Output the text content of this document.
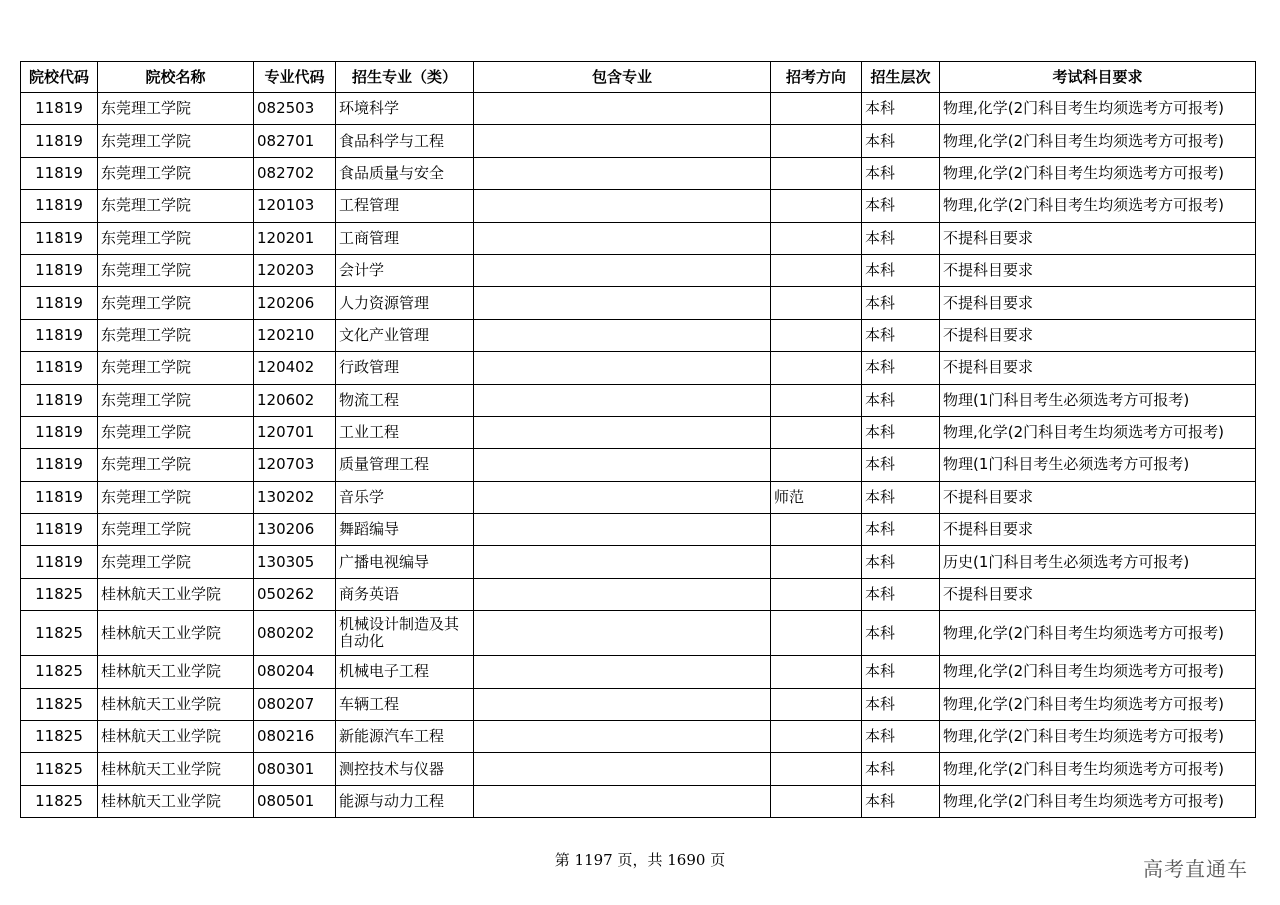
院校代码	院校名称	专业代码	招生专业（类）	包含专业	招考方向	招生层次	考试科目要求
11819	东莞理工学院	082503	环境科学			本科	物理,化学(2门科目考生均须选考方可报考)
11819	东莞理工学院	082701	食品科学与工程			本科	物理,化学(2门科目考生均须选考方可报考)
11819	东莞理工学院	082702	食品质量与安全			本科	物理,化学(2门科目考生均须选考方可报考)
11819	东莞理工学院	120103	工程管理			本科	物理,化学(2门科目考生均须选考方可报考)
11819	东莞理工学院	120201	工商管理			本科	不提科目要求
11819	东莞理工学院	120203	会计学			本科	不提科目要求
11819	东莞理工学院	120206	人力资源管理			本科	不提科目要求
11819	东莞理工学院	120210	文化产业管理			本科	不提科目要求
11819	东莞理工学院	120402	行政管理			本科	不提科目要求
11819	东莞理工学院	120602	物流工程			本科	物理(1门科目考生必须选考方可报考)
11819	东莞理工学院	120701	工业工程			本科	物理,化学(2门科目考生均须选考方可报考)
11819	东莞理工学院	120703	质量管理工程			本科	物理(1门科目考生必须选考方可报考)
11819	东莞理工学院	130202	音乐学		师范	本科	不提科目要求
11819	东莞理工学院	130206	舞蹈编导			本科	不提科目要求
11819	东莞理工学院	130305	广播电视编导			本科	历史(1门科目考生必须选考方可报考)
11825	桂林航天工业学院	050262	商务英语			本科	不提科目要求
11825	桂林航天工业学院	080202	机械设计制造及其自动化			本科	物理,化学(2门科目考生均须选考方可报考)
11825	桂林航天工业学院	080204	机械电子工程			本科	物理,化学(2门科目考生均须选考方可报考)
11825	桂林航天工业学院	080207	车辆工程			本科	物理,化学(2门科目考生均须选考方可报考)
11825	桂林航天工业学院	080216	新能源汽车工程			本科	物理,化学(2门科目考生均须选考方可报考)
11825	桂林航天工业学院	080301	测控技术与仪器			本科	物理,化学(2门科目考生均须选考方可报考)
11825	桂林航天工业学院	080501	能源与动力工程			本科	物理,化学(2门科目考生均须选考方可报考)
第 1197 页，共 1690 页	高考直通车
